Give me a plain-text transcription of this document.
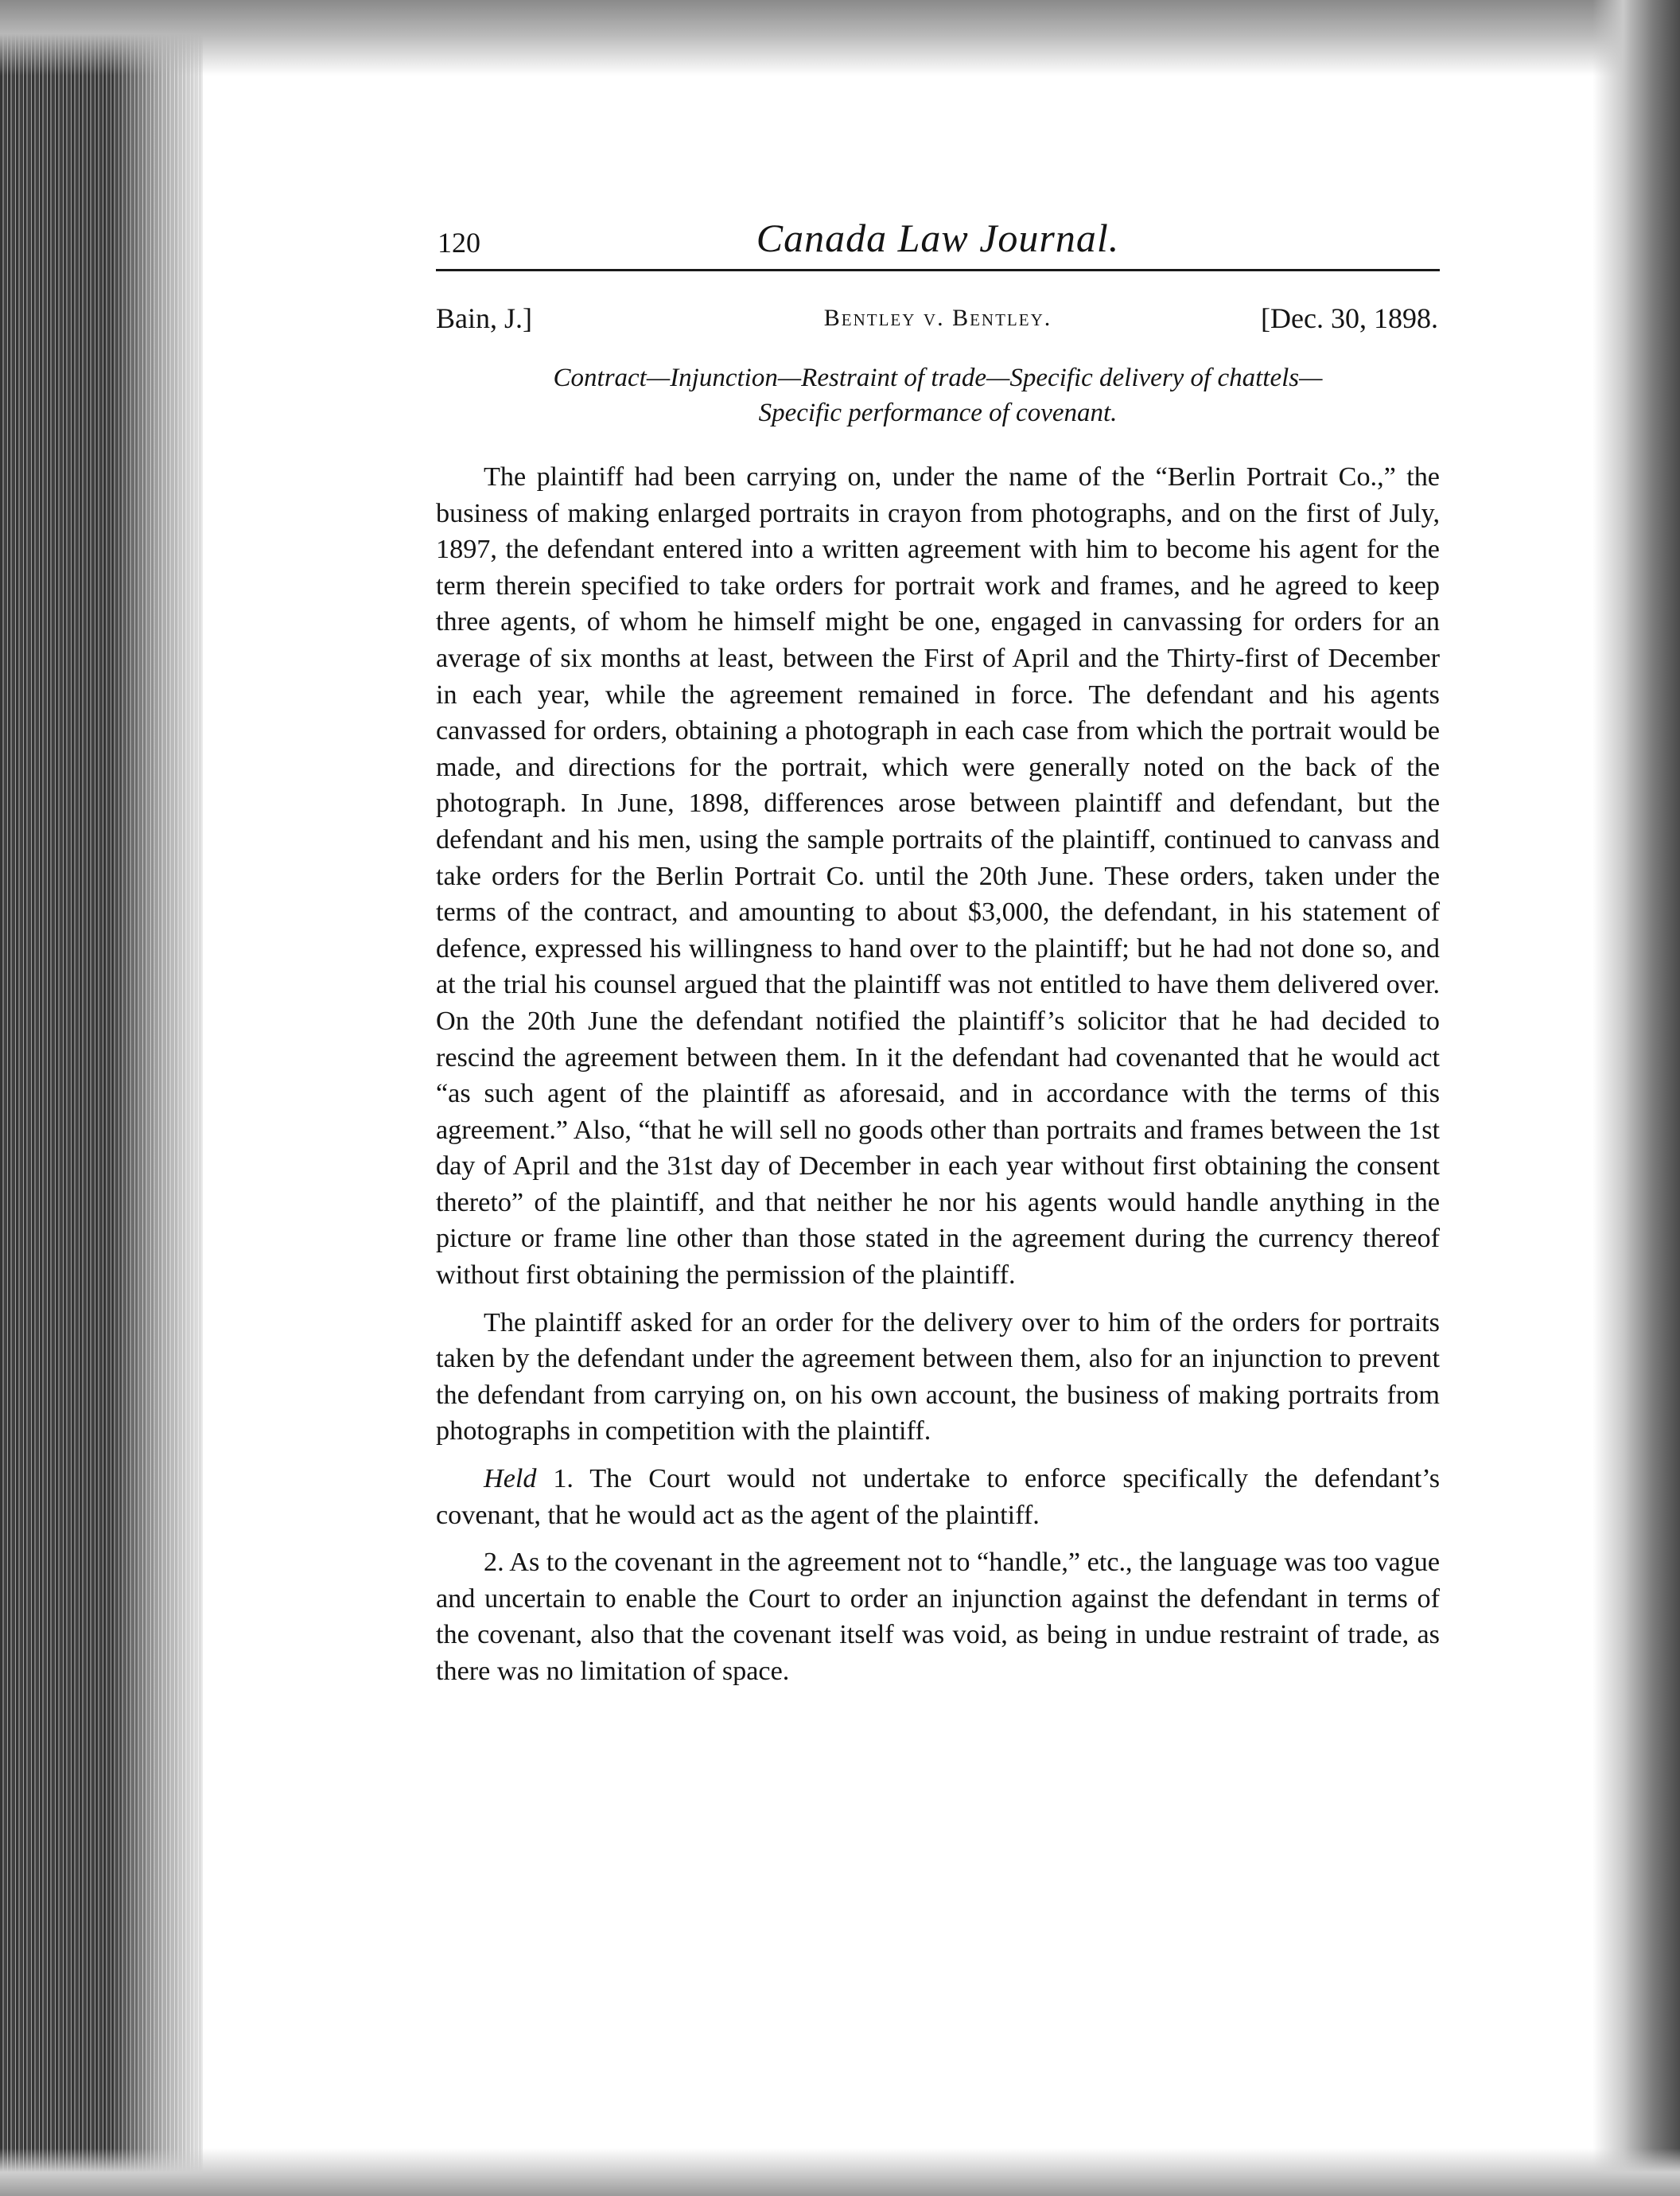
120	Canada Law Journal.
Bain, J.]	Bentley v. Bentley.	[Dec. 30, 1898.
Contract—Injunction—Restraint of trade—Specific delivery of chattels—
Specific performance of covenant.

The plaintiff had been carrying on, under the name of the “Berlin Portrait Co.,” the business of making enlarged portraits in crayon from photographs, and on the first of July, 1897, the defendant entered into a written agreement with him to become his agent for the term therein specified to take orders for portrait work and frames, and he agreed to keep three agents, of whom he himself might be one, engaged in canvassing for orders for an average of six months at least, between the First of April and the Thirty-first of December in each year, while the agreement remained in force. The defendant and his agents canvassed for orders, obtaining a photograph in each case from which the portrait would be made, and directions for the portrait, which were generally noted on the back of the photograph. In June, 1898, differences arose between plaintiff and defendant, but the defendant and his men, using the sample portraits of the plaintiff, continued to canvass and take orders for the Berlin Portrait Co. until the 20th June. These orders, taken under the terms of the contract, and amounting to about $3,000, the defendant, in his statement of defence, expressed his willingness to hand over to the plaintiff; but he had not done so, and at the trial his counsel argued that the plaintiff was not entitled to have them delivered over. On the 20th June the defendant notified the plaintiff’s solicitor that he had decided to rescind the agreement between them. In it the defendant had covenanted that he would act “as such agent of the plaintiff as aforesaid, and in accordance with the terms of this agreement.” Also, “that he will sell no goods other than portraits and frames between the 1st day of April and the 31st day of December in each year without first obtaining the consent thereto” of the plaintiff, and that neither he nor his agents would handle anything in the picture or frame line other than those stated in the agreement during the currency thereof without first obtaining the permission of the plaintiff.

The plaintiff asked for an order for the delivery over to him of the orders for portraits taken by the defendant under the agreement between them, also for an injunction to prevent the defendant from carrying on, on his own account, the business of making portraits from photographs in competition with the plaintiff.

Held 1. The Court would not undertake to enforce specifically the defendant’s covenant, that he would act as the agent of the plaintiff.

2. As to the covenant in the agreement not to “handle,” etc., the language was too vague and uncertain to enable the Court to order an injunction against the defendant in terms of the covenant, also that the covenant itself was void, as being in undue restraint of trade, as there was no limitation of space.
